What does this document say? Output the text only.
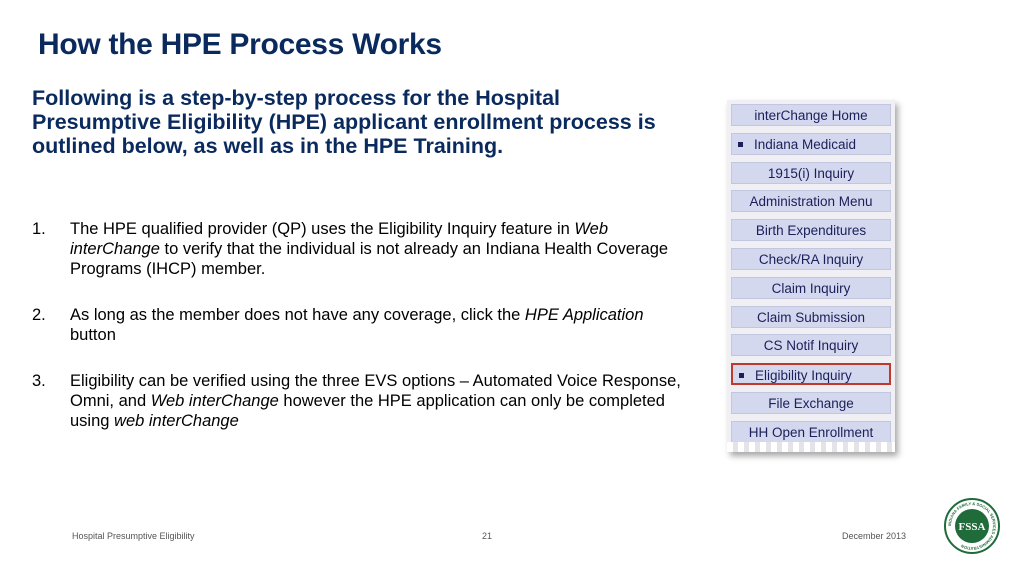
How the HPE Process Works

Following is a step-by-step process for the Hospital Presumptive Eligibility (HPE) applicant enrollment process is outlined below, as well as in the HPE Training.

1. The HPE qualified provider (QP) uses the Eligibility Inquiry feature in Web interChange to verify that the individual is not already an Indiana Health Coverage Programs (IHCP) member.
2. As long as the member does not have any coverage, click the HPE Application button
3. Eligibility can be verified using the three EVS options – Automated Voice Response, Omni, and Web interChange however the HPE application can only be completed using web interChange
interChange Home
Indiana Medicaid
1915(i) Inquiry
Administration Menu
Birth Expenditures
Check/RA Inquiry
Claim Inquiry
Claim Submission
CS Notif Inquiry
Eligibility Inquiry
File Exchange
HH Open Enrollment
Hospital Presumptive Eligibility	21	December 2013
INDIANA FAMILY & SOCIAL SERVICES ADMINISTRATION
FSSA
